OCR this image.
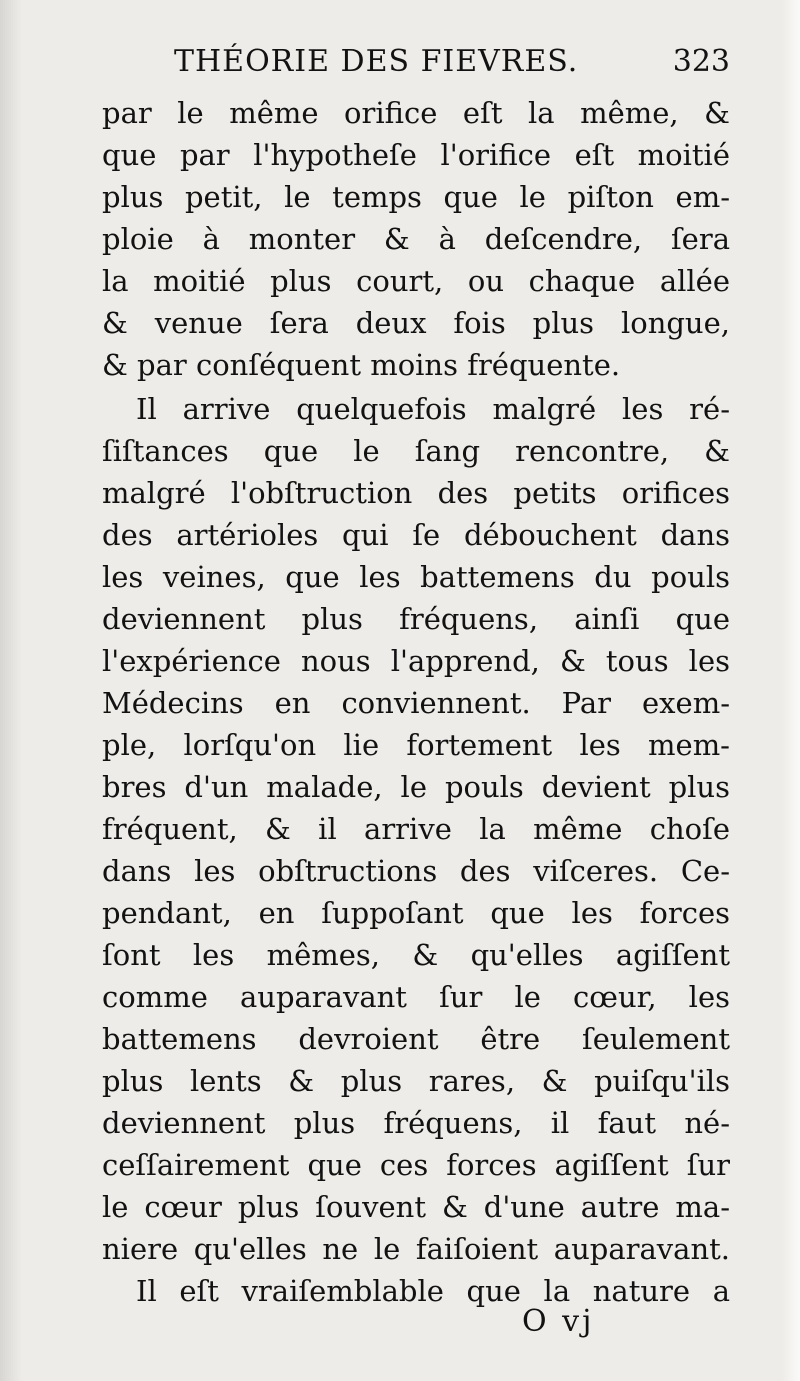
THÉORIE DES FIEVRES.	323
par le même orifice eſt la même, &
que par l'hypotheſe l'orifice eſt moitié
plus petit, le temps que le piſton em-
ploie à monter & à deſcendre, ſera
la moitié plus court, ou chaque allée
& venue ſera deux fois plus longue,
& par conſéquent moins fréquente.
Il arrive quelquefois malgré les ré-
ſiſtances que le ſang rencontre, &
malgré l'obſtruction des petits orifices
des artérioles qui ſe débouchent dans
les veines, que les battemens du pouls
deviennent plus fréquens, ainſi que
l'expérience nous l'apprend, & tous les
Médecins en conviennent. Par exem-
ple, lorſqu'on lie fortement les mem-
bres d'un malade, le pouls devient plus
fréquent, & il arrive la même choſe
dans les obſtructions des viſceres. Ce-
pendant, en ſuppoſant que les forces
ſont les mêmes, & qu'elles agiſſent
comme auparavant ſur le cœur, les
battemens devroient être ſeulement
plus lents & plus rares, & puiſqu'ils
deviennent plus fréquens, il faut né-
ceſſairement que ces forces agiſſent ſur
le cœur plus ſouvent & d'une autre ma-
niere qu'elles ne le faiſoient auparavant.
Il eſt vraiſemblable que la nature a
O vj
